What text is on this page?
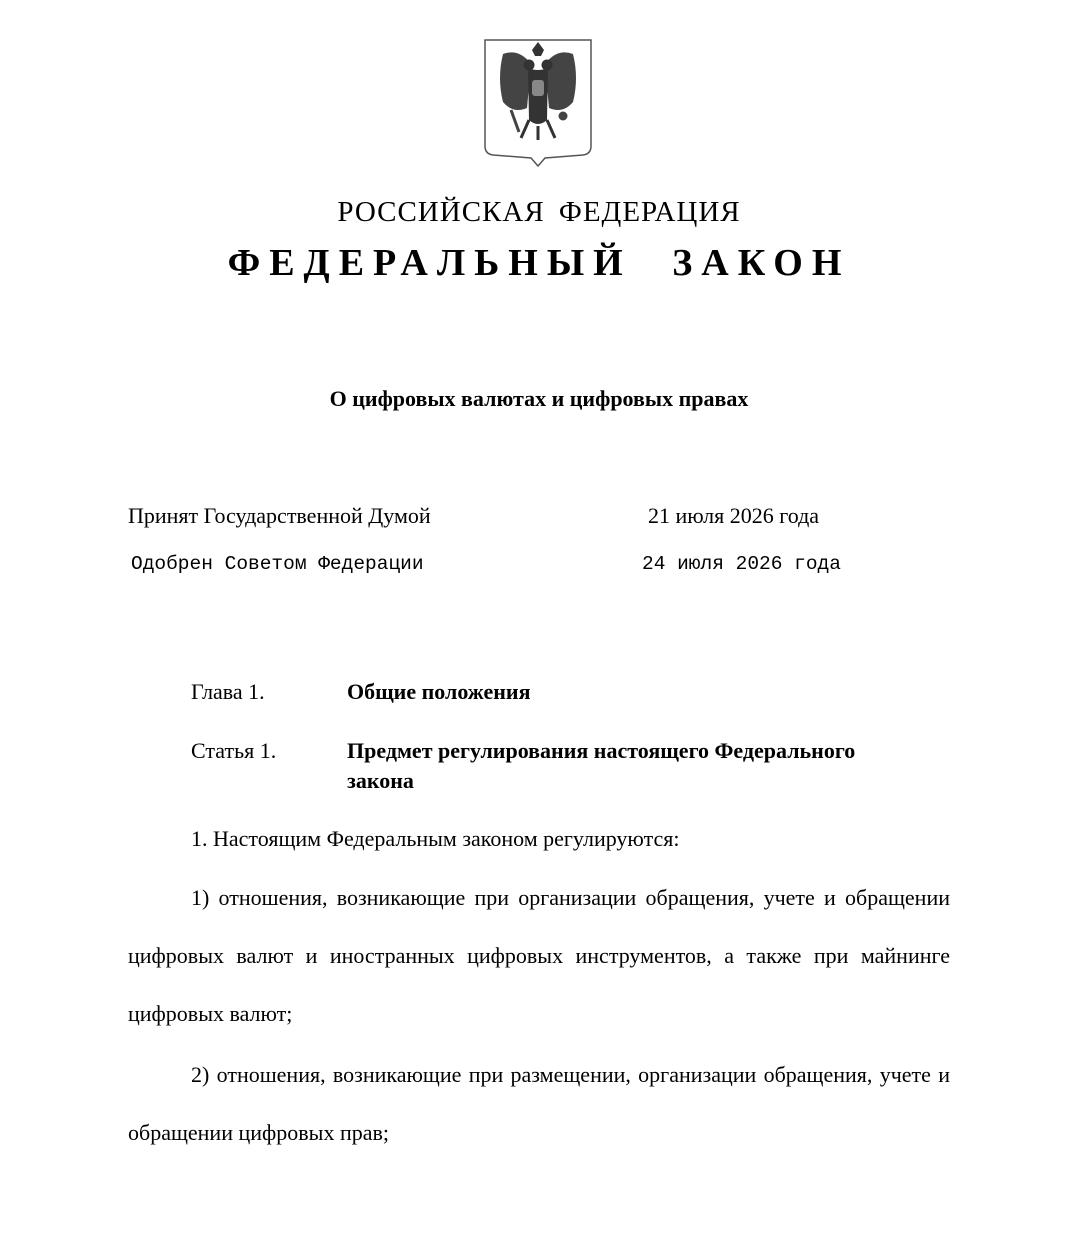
РОССИЙСКАЯ ФЕДЕРАЦИЯ
ФЕДЕРАЛЬНЫЙ ЗАКОН
О цифровых валютах и цифровых правах
Принят Государственной Думой	21 июля 2026 года
Одобрен Советом Федерации	24 июля 2026 года
Глава 1.	Общие положения
Статья 1.	Предмет регулирования настоящего Федерального закона
1. Настоящим Федеральным законом регулируются:
1) отношения, возникающие при организации обращения, учете и обращении цифровых валют и иностранных цифровых инструментов, а также при майнинге цифровых валют;
2) отношения, возникающие при размещении, организации обращения, учете и обращении цифровых прав;
